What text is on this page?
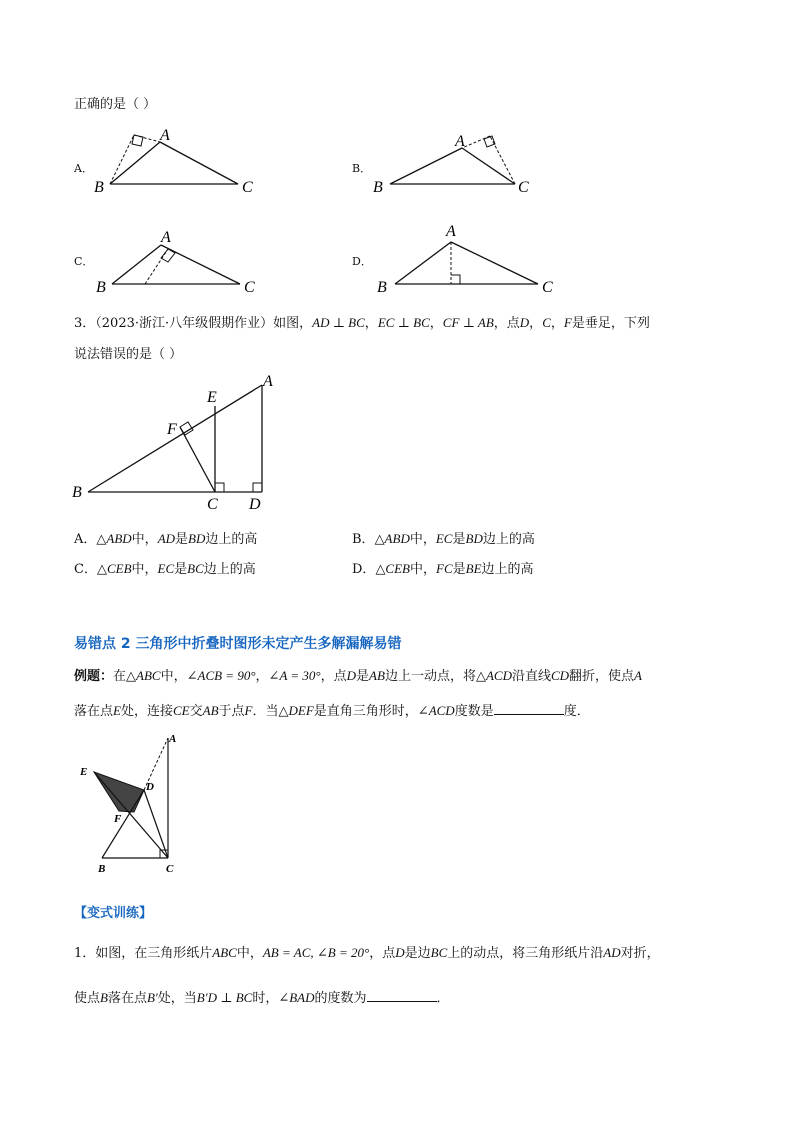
正确的是（ ）
A．
A
B	C
B．
A
B	C
C．
A
B	C
D．
A
B	C
3．（2023·浙江·八年级假期作业）如图，AD ⊥ BC，EC ⊥ BC，CF ⊥ AB，点D，C，F是垂足，下列
说法错误的是（ ）
A
E
F
B
C D
A．△ABD中，AD是BD边上的高	B．△ABD中，EC是BD边上的高
C．△CEB中，EC是BC边上的高	D．△CEB中，FC是BE边上的高
易错点 2 三角形中折叠时图形未定产生多解漏解易错
例题：在△ABC中，∠ACB = 90°，∠A = 30°，点D是AB边上一动点，将△ACD沿直线CD翻折，使点A
落在点E处，连接CE交AB于点F．当△DEF是直角三角形时，∠ACD度数是	度．
A
E
D
F
B	C
【变式训练】
1．如图，在三角形纸片ABC中，AB = AC, ∠B = 20°，点D是边BC上的动点，将三角形纸片沿AD对折，
使点B落在点B′处，当B′D ⊥ BC时，∠BAD的度数为	．
